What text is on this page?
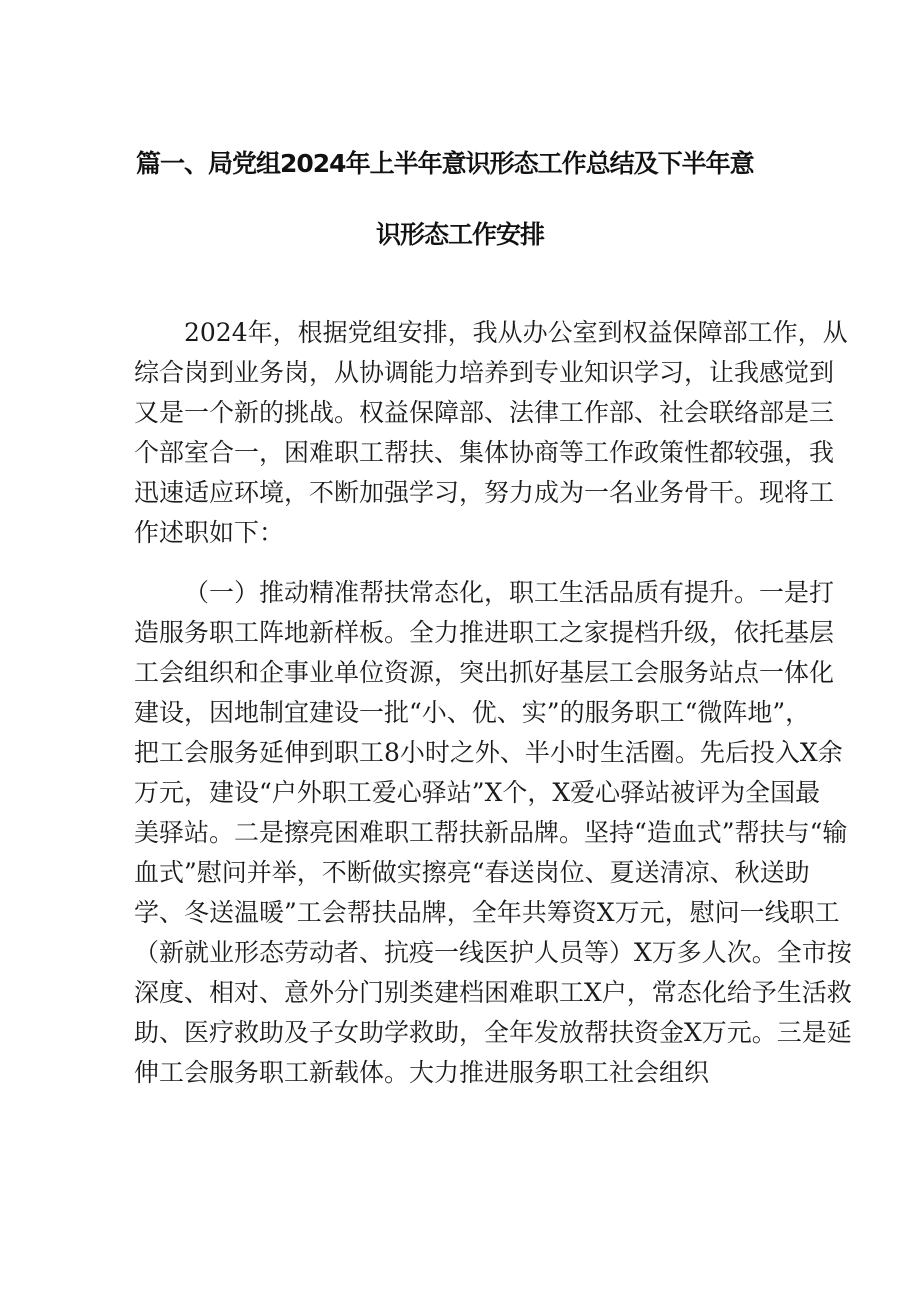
篇一、局党组2024年上半年意识形态工作总结及下半年意
识形态工作安排
2024年，根据党组安排，我从办公室到权益保障部工作，从
综合岗到业务岗，从协调能力培养到专业知识学习，让我感觉到
又是一个新的挑战。权益保障部、法律工作部、社会联络部是三
个部室合一，困难职工帮扶、集体协商等工作政策性都较强，我
迅速适应环境，不断加强学习，努力成为一名业务骨干。现将工
作述职如下：
（一）推动精准帮扶常态化，职工生活品质有提升。一是打
造服务职工阵地新样板。全力推进职工之家提档升级，依托基层
工会组织和企事业单位资源，突出抓好基层工会服务站点一体化
建设，因地制宜建设一批“小、优、实”的服务职工“微阵地”，
把工会服务延伸到职工8小时之外、半小时生活圈。先后投入X余
万元，建设“户外职工爱心驿站”X个，X爱心驿站被评为全国最
美驿站。二是擦亮困难职工帮扶新品牌。坚持“造血式”帮扶与“输
血式”慰问并举，不断做实擦亮“春送岗位、夏送清凉、秋送助
学、冬送温暖”工会帮扶品牌，全年共筹资X万元，慰问一线职工
（新就业形态劳动者、抗疫一线医护人员等）X万多人次。全市按
深度、相对、意外分门别类建档困难职工X户，常态化给予生活救
助、医疗救助及子女助学救助，全年发放帮扶资金X万元。三是延
伸工会服务职工新载体。大力推进服务职工社会组织
